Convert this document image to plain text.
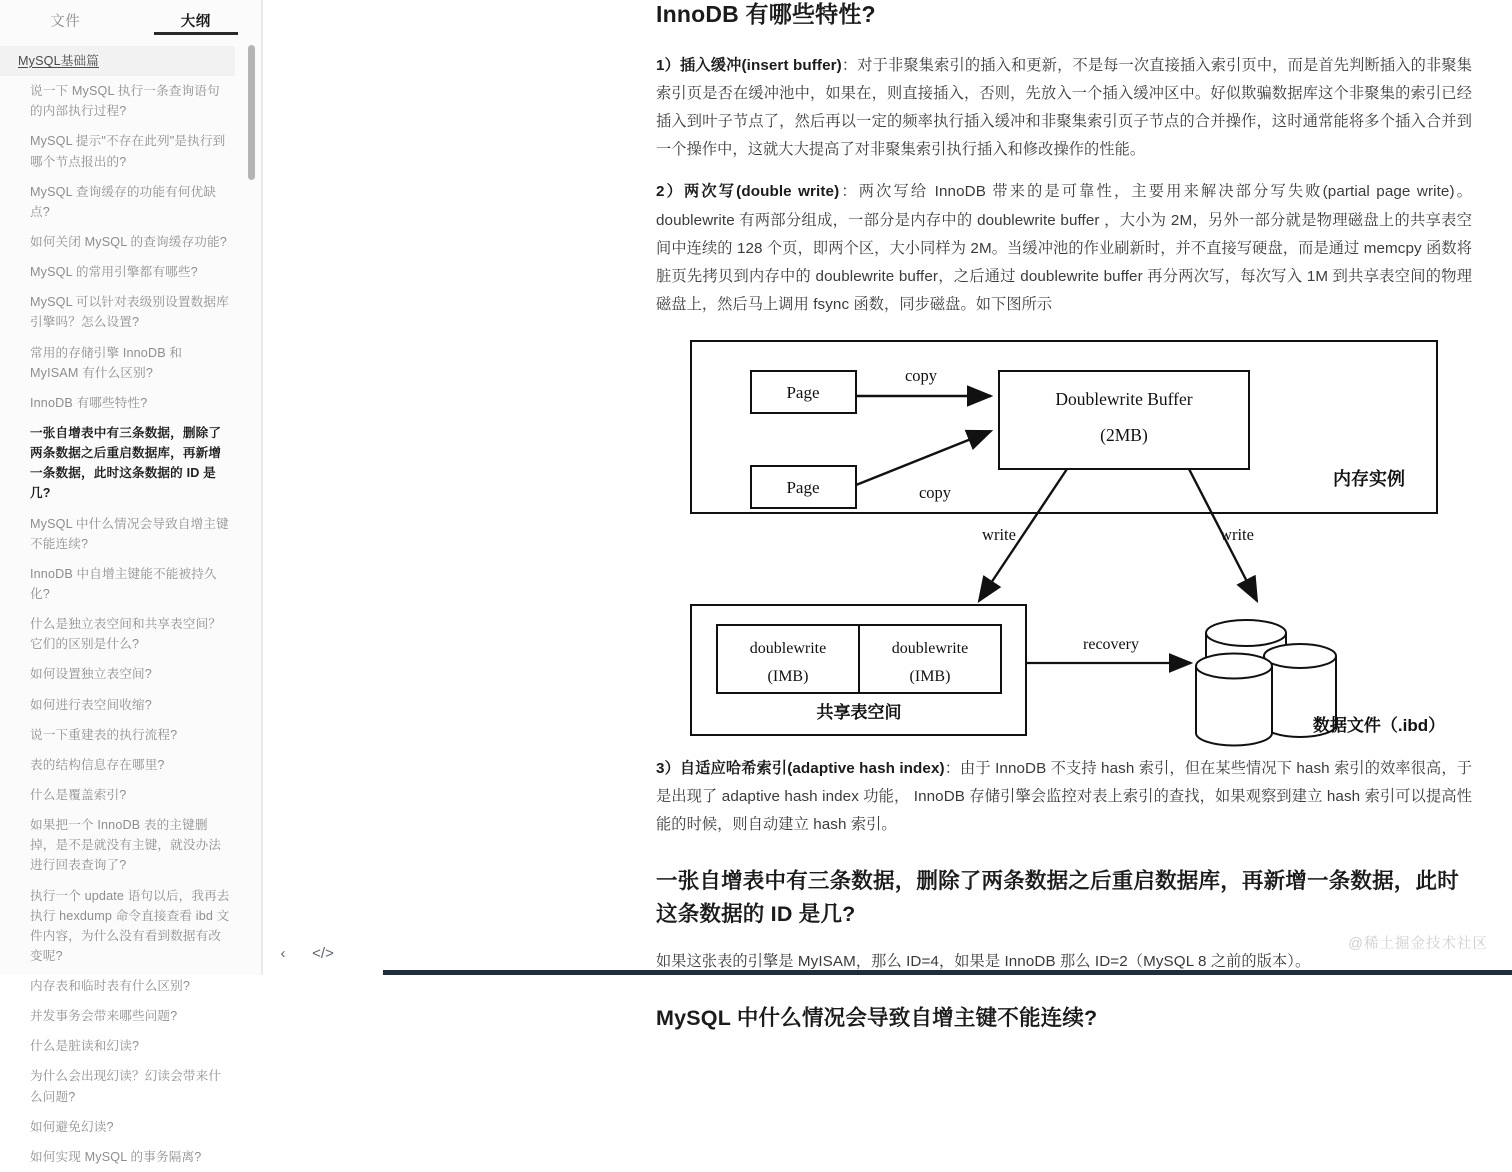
文件	大纲
MySQL基础篇
说一下 MySQL 执行一条查询语句的内部执行过程?
MySQL 提示"不存在此列"是执行到哪个节点报出的?
MySQL 查询缓存的功能有何优缺点?
如何关闭 MySQL 的查询缓存功能?
MySQL 的常用引擎都有哪些?
MySQL 可以针对表级别设置数据库引擎吗？怎么设置?
常用的存储引擎 InnoDB 和 MyISAM 有什么区别?
InnoDB 有哪些特性?
一张自增表中有三条数据，删除了两条数据之后重启数据库，再新增一条数据，此时这条数据的 ID 是几?
MySQL 中什么情况会导致自增主键不能连续?
InnoDB 中自增主键能不能被持久化?
什么是独立表空间和共享表空间？它们的区别是什么?
如何设置独立表空间?
如何进行表空间收缩?
说一下重建表的执行流程?
表的结构信息存在哪里?
什么是覆盖索引?
如果把一个 InnoDB 表的主键删掉，是不是就没有主键，就没办法进行回表查询了?
执行一个 update 语句以后，我再去执行 hexdump 命令直接查看 ibd 文件内容，为什么没有看到数据有改变呢?
内存表和临时表有什么区别?
并发事务会带来哪些问题?
什么是脏读和幻读?
为什么会出现幻读？幻读会带来什么问题?
如何避免幻读?
如何实现 MySQL 的事务隔离?
‹	</>
InnoDB 有哪些特性?

1）插入缓冲(insert buffer)：对于非聚集索引的插入和更新，不是每一次直接插入索引页中，而是首先判断插入的非聚集索引页是否在缓冲池中，如果在，则直接插入，否则，先放入一个插入缓冲区中。好似欺骗数据库这个非聚集的索引已经插入到叶子节点了，然后再以一定的频率执行插入缓冲和非聚集索引页子节点的合并操作，这时通常能将多个插入合并到一个操作中，这就大大提高了对非聚集索引执行插入和修改操作的性能。

2）两次写(double write)：两次写给 InnoDB 带来的是可靠性，主要用来解决部分写失败(partial page write)。doublewrite 有两部分组成，一部分是内存中的 doublewrite buffer ，大小为 2M，另外一部分就是物理磁盘上的共享表空间中连续的 128 个页，即两个区，大小同样为 2M。当缓冲池的作业刷新时，并不直接写硬盘，而是通过 memcpy 函数将脏页先拷贝到内存中的 doublewrite buffer，之后通过 doublewrite buffer 再分两次写，每次写入 1M 到共享表空间的物理磁盘上，然后马上调用 fsync 函数，同步磁盘。如下图所示

Page
Page
Doublewrite Buffer
(2MB)
copy
copy
内存实例
write	write
doublewrite
(IMB)
doublewrite
(IMB)
共享表空间
recovery
数据文件（.ibd）

3）自适应哈希索引(adaptive hash index)：由于 InnoDB 不支持 hash 索引，但在某些情况下 hash 索引的效率很高，于是出现了 adaptive hash index 功能， InnoDB 存储引擎会监控对表上索引的查找，如果观察到建立 hash 索引可以提高性能的时候，则自动建立 hash 索引。

一张自增表中有三条数据，删除了两条数据之后重启数据库，再新增一条数据，此时这条数据的 ID 是几?

如果这张表的引擎是 MyISAM，那么 ID=4，如果是 InnoDB 那么 ID=2（MySQL 8 之前的版本）。

MySQL 中什么情况会导致自增主键不能连续?
@稀土掘金技术社区
